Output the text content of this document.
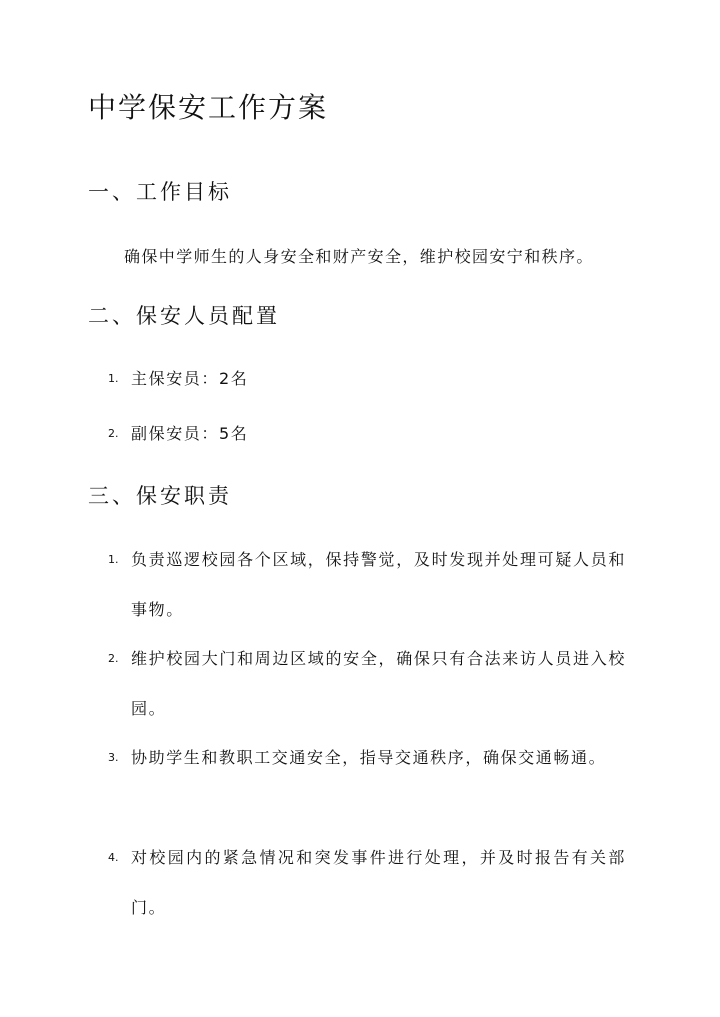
中学保安工作方案
一、工作目标

确保中学师生的人身安全和财产安全，维护校园安宁和秩序。

二、保安人员配置
1. 主保安员：2名
2. 副保安员：5名
三、保安职责
1. 负责巡逻校园各个区域，保持警觉，及时发现并处理可疑人员和事物。
2. 维护校园大门和周边区域的安全，确保只有合法来访人员进入校园。
3. 协助学生和教职工交通安全，指导交通秩序，确保交通畅通。
4. 对校园内的紧急情况和突发事件进行处理，并及时报告有关部门。
